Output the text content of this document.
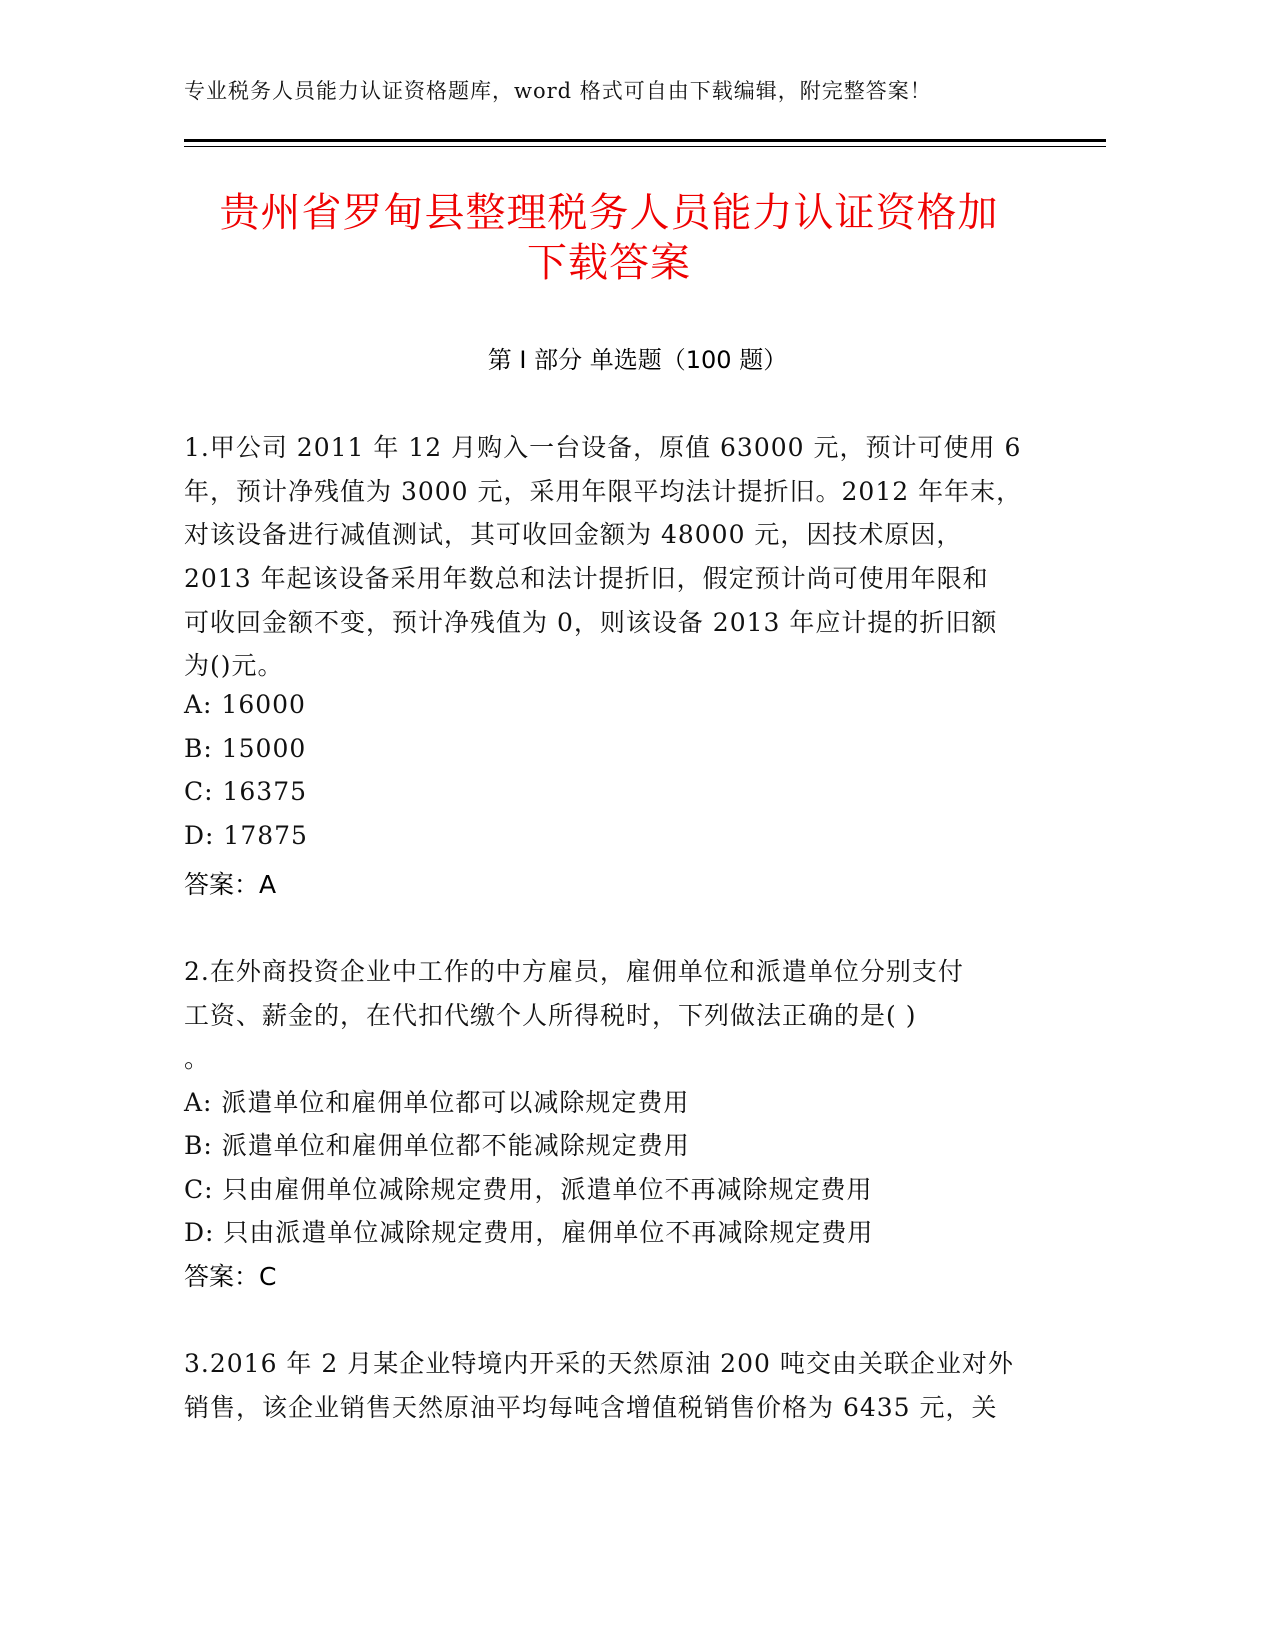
专业税务人员能力认证资格题库，word 格式可自由下载编辑，附完整答案！
贵州省罗甸县整理税务人员能力认证资格加
下载答案
第 I 部分 单选题（100 题）
1.甲公司 2011 年 12 月购入一台设备，原值 63000 元，预计可使用 6
年，预计净残值为 3000 元，采用年限平均法计提折旧。2012 年年末，
对该设备进行减值测试，其可收回金额为 48000 元，因技术原因，
2013 年起该设备采用年数总和法计提折旧，假定预计尚可使用年限和
可收回金额不变，预计净残值为 0，则该设备 2013 年应计提的折旧额
为()元。
A: 16000
B: 15000
C: 16375
D: 17875
答案：A
2.在外商投资企业中工作的中方雇员，雇佣单位和派遣单位分别支付
工资、薪金的，在代扣代缴个人所得税时，下列做法正确的是( )
。
A: 派遣单位和雇佣单位都可以减除规定费用
B: 派遣单位和雇佣单位都不能减除规定费用
C: 只由雇佣单位减除规定费用，派遣单位不再减除规定费用
D: 只由派遣单位减除规定费用，雇佣单位不再减除规定费用
答案：C
3.2016 年 2 月某企业特境内开采的天然原油 200 吨交由关联企业对外
销售，该企业销售天然原油平均每吨含增值税销售价格为 6435 元，关
